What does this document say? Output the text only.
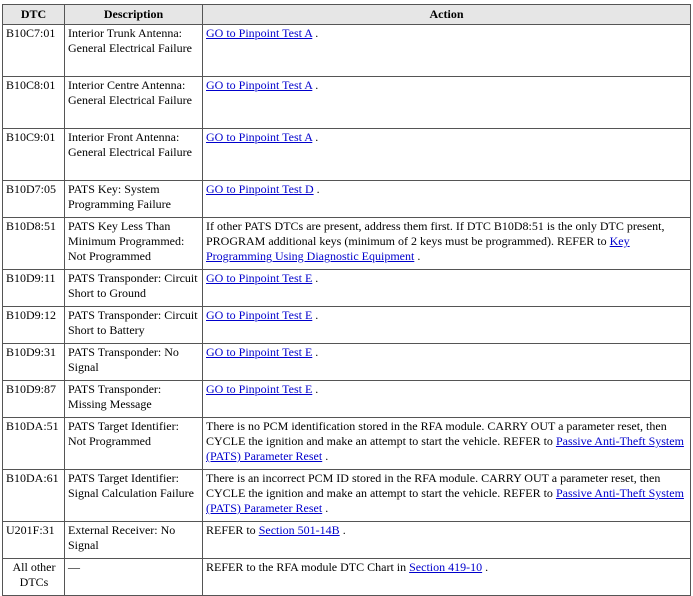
DTC	Description	Action
B10C7:01	Interior Trunk Antenna: General Electrical Failure	GO to Pinpoint Test A .
B10C8:01	Interior Centre Antenna: General Electrical Failure	GO to Pinpoint Test A .
B10C9:01	Interior Front Antenna: General Electrical Failure	GO to Pinpoint Test A .
B10D7:05	PATS Key: System Programming Failure	GO to Pinpoint Test D .
B10D8:51	PATS Key Less Than Minimum Programmed: Not Programmed	If other PATS DTCs are present, address them first. If DTC B10D8:51 is the only DTC present, PROGRAM additional keys (minimum of 2 keys must be programmed). REFER to Key Programming Using Diagnostic Equipment .
B10D9:11	PATS Transponder: Circuit Short to Ground	GO to Pinpoint Test E .
B10D9:12	PATS Transponder: Circuit Short to Battery	GO to Pinpoint Test E .
B10D9:31	PATS Transponder: No Signal	GO to Pinpoint Test E .
B10D9:87	PATS Transponder: Missing Message	GO to Pinpoint Test E .
B10DA:51	PATS Target Identifier: Not Programmed	There is no PCM identification stored in the RFA module. CARRY OUT a parameter reset, then CYCLE the ignition and make an attempt to start the vehicle. REFER to Passive Anti-Theft System (PATS) Parameter Reset .
B10DA:61	PATS Target Identifier: Signal Calculation Failure	There is an incorrect PCM ID stored in the RFA module. CARRY OUT a parameter reset, then CYCLE the ignition and make an attempt to start the vehicle. REFER to Passive Anti-Theft System (PATS) Parameter Reset .
U201F:31	External Receiver: No Signal	REFER to Section 501-14B .
All other DTCs	—	REFER to the RFA module DTC Chart in Section 419-10 .
